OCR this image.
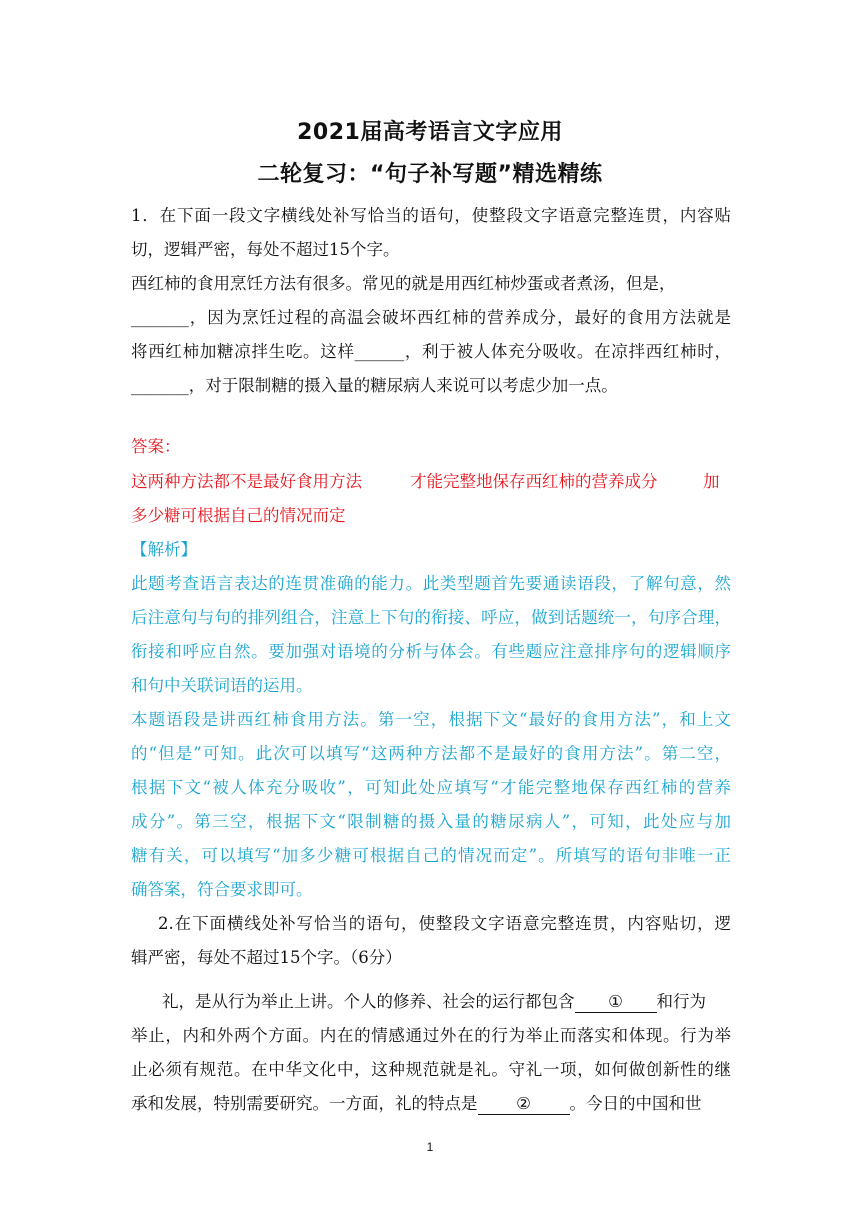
2021届高考语言文字应用
二轮复习：“句子补写题”精选精练
1．在下面一段文字横线处补写恰当的语句，使整段文字语意完整连贯，内容贴
切，逻辑严密，每处不超过15个字。
西红柿的食用烹饪方法有很多。常见的就是用西红柿炒蛋或者煮汤，但是，
_______，因为烹饪过程的高温会破坏西红柿的营养成分，最好的食用方法就是
将西红柿加糖凉拌生吃。这样______，利于被人体充分吸收。在凉拌西红柿时，
_______，对于限制糖的摄入量的糖尿病人来说可以考虑少加一点。
答案：
这两种方法都不是最好食用方法	才能完整地保存西红柿的营养成分	加
多少糖可根据自己的情况而定
【解析】
此题考查语言表达的连贯准确的能力。此类型题首先要通读语段，了解句意，然
后注意句与句的排列组合，注意上下句的衔接、呼应，做到话题统一，句序合理，
衔接和呼应自然。要加强对语境的分析与体会。有些题应注意排序句的逻辑顺序
和句中关联词语的运用。
本题语段是讲西红柿食用方法。第一空，根据下文“最好的食用方法”，和上文
的“但是”可知。此次可以填写“这两种方法都不是最好的食用方法”。第二空，
根据下文“被人体充分吸收”，可知此处应填写“才能完整地保存西红柿的营养
成分”。第三空，根据下文“限制糖的摄入量的糖尿病人”，可知，此处应与加
糖有关，可以填写“加多少糖可根据自己的情况而定”。所填写的语句非唯一正
确答案，符合要求即可。
2.在下面横线处补写恰当的语句，使整段文字语意完整连贯，内容贴切，逻
辑严密，每处不超过15个字。（6分）
礼，是从行为举止上讲。个人的修养、社会的运行都包含 ① 和行为
举止，内和外两个方面。内在的情感通过外在的行为举止而落实和体现。行为举
止必须有规范。在中华文化中，这种规范就是礼。守礼一项，如何做创新性的继
承和发展，特别需要研究。一方面，礼的特点是 ② 。今日的中国和世
1
